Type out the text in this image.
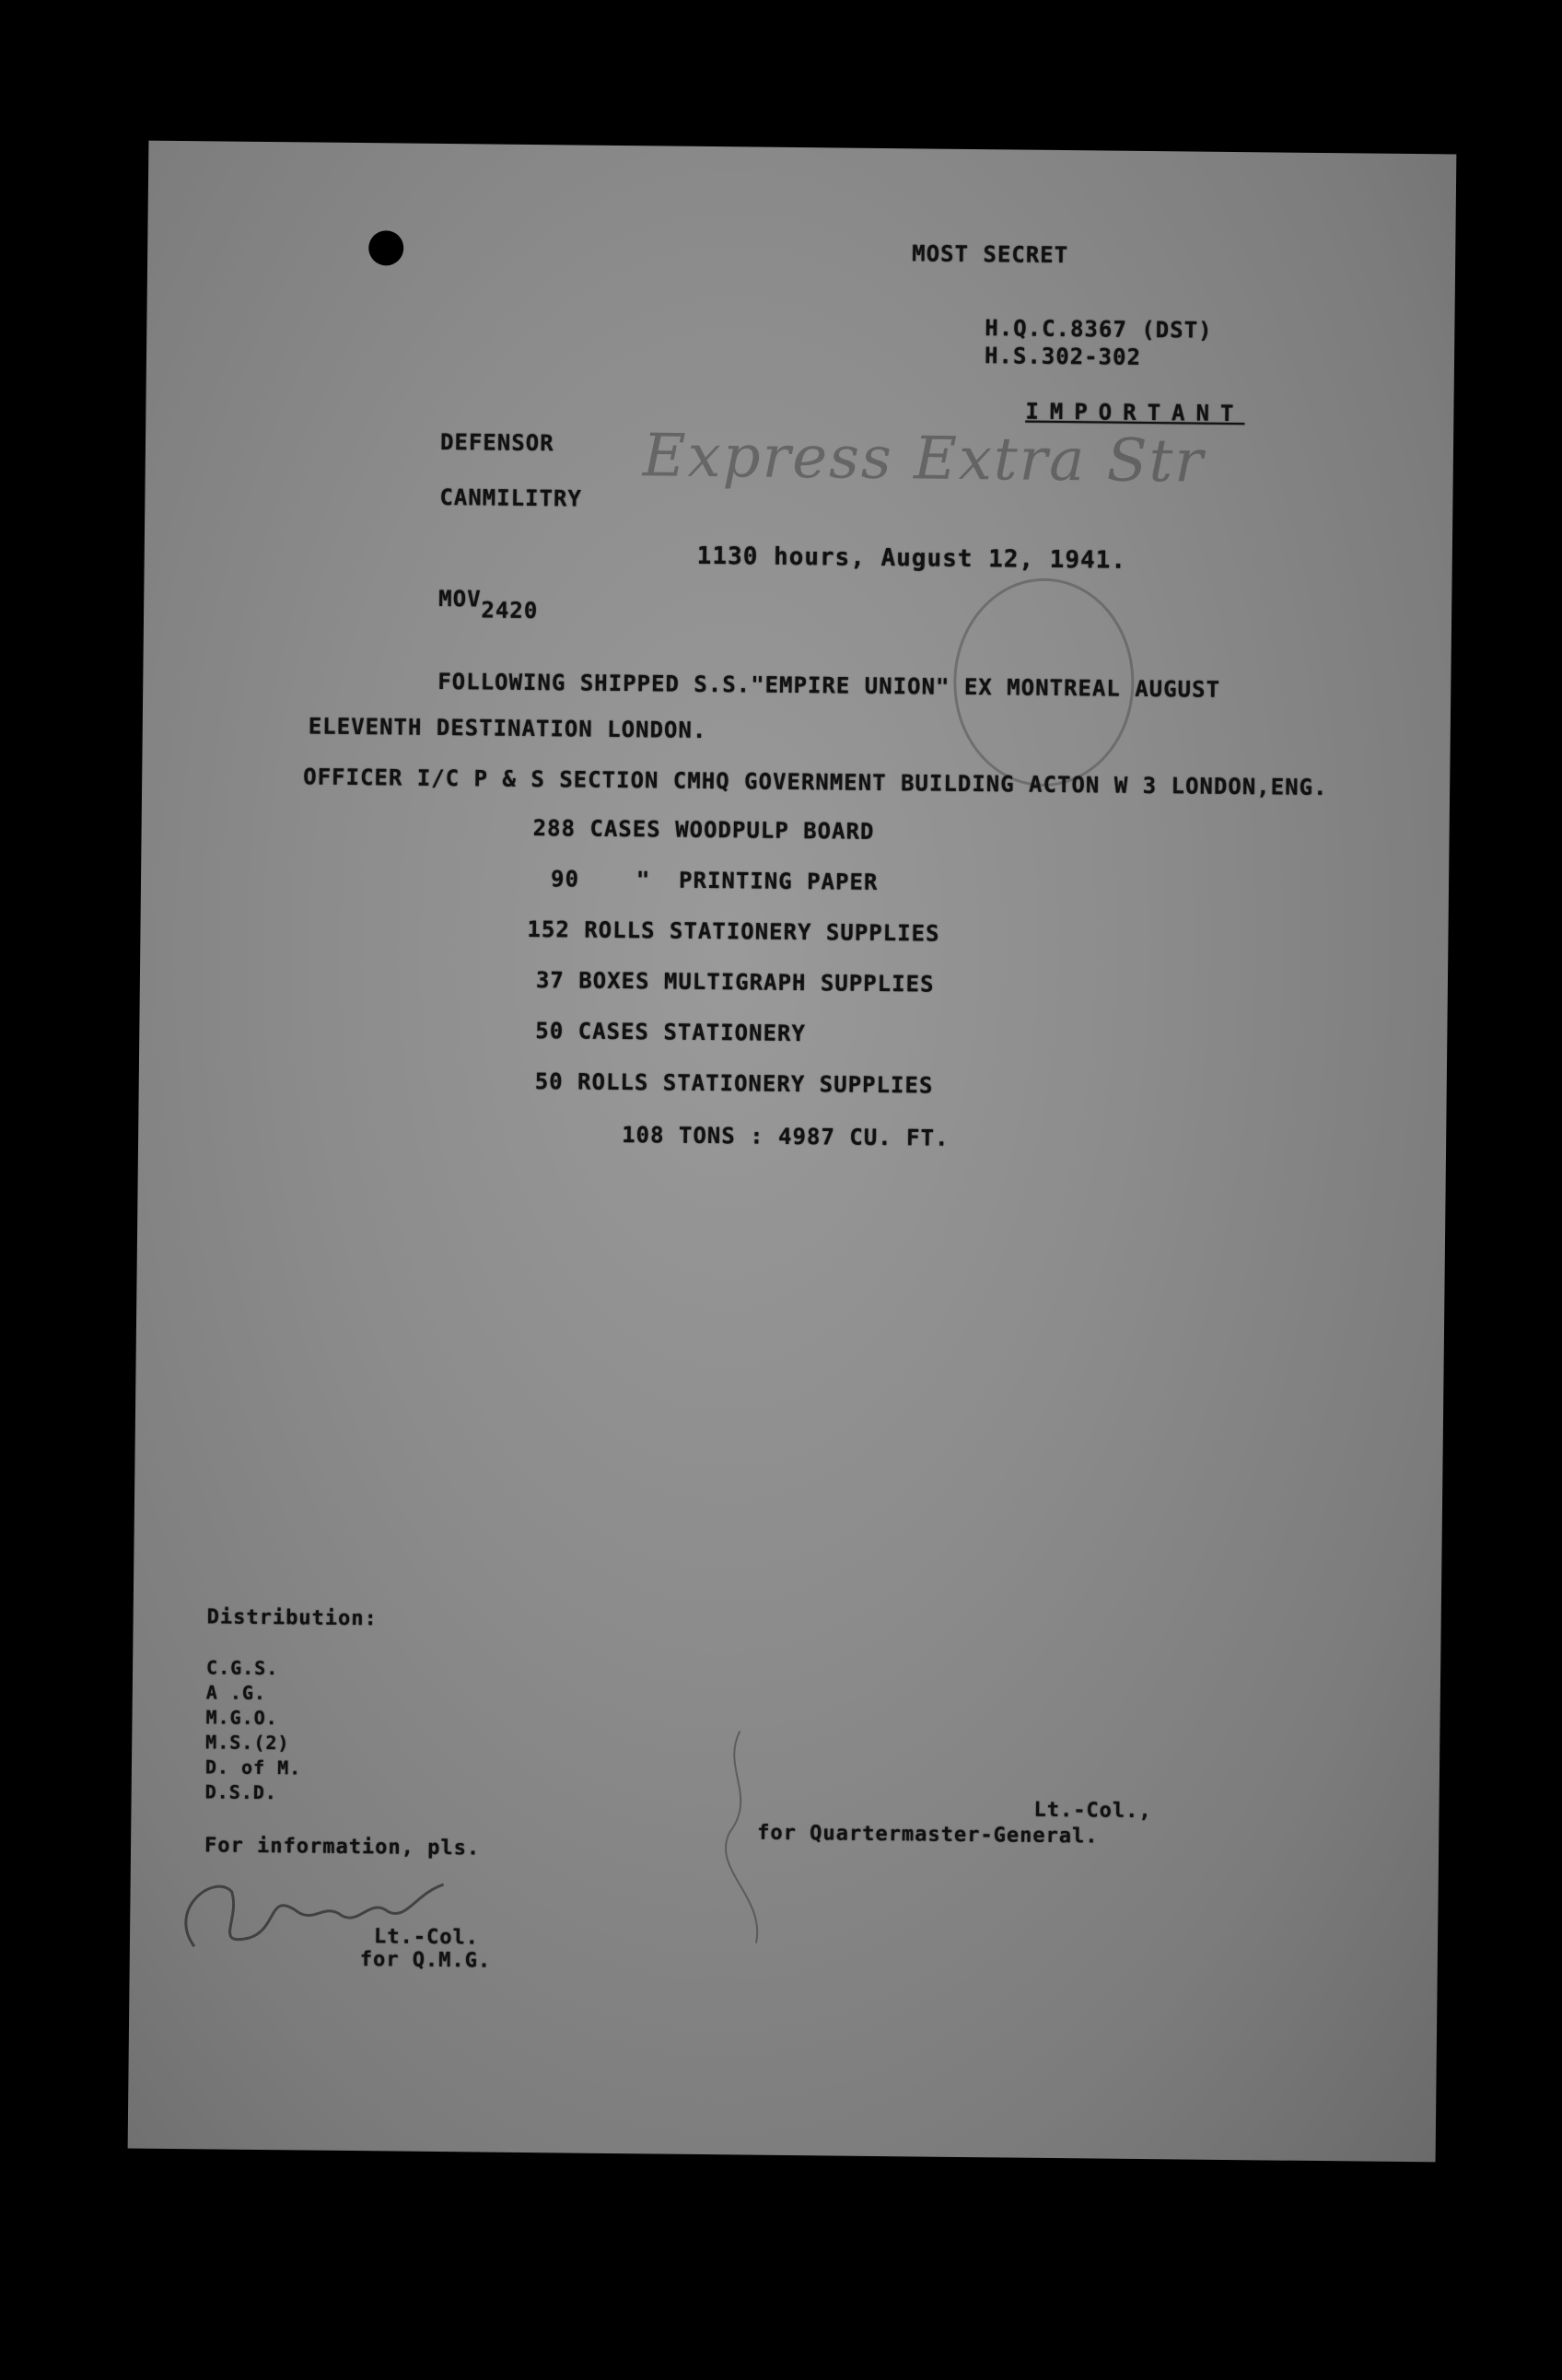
MOST SECRET
H.Q.C.8367 (DST)
H.S.302-302
IMPORTANT
DEFENSOR
CANMILITRY
Express Extra Str
1130 hours, August 12, 1941.
MOV2420
FOLLOWING SHIPPED S.S."EMPIRE UNION" EX MONTREAL AUGUST
ELEVENTH DESTINATION LONDON.
OFFICER I/C P & S SECTION CMHQ GOVERNMENT BUILDING ACTON W 3 LONDON,ENG.
288 CASES WOODPULP BOARD
90	"  PRINTING PAPER
152 ROLLS STATIONERY SUPPLIES
37 BOXES MULTIGRAPH SUPPLIES
50 CASES STATIONERY
50 ROLLS STATIONERY SUPPLIES
108 TONS : 4987 CU. FT.
Distribution:
C.G.S.
A .G.
M.G.O.
M.S.(2)
D. of M.
D.S.D.
For information, pls.
Lt.-Col.,
for Quartermaster-General.
Lt.-Col.
for Q.M.G.
